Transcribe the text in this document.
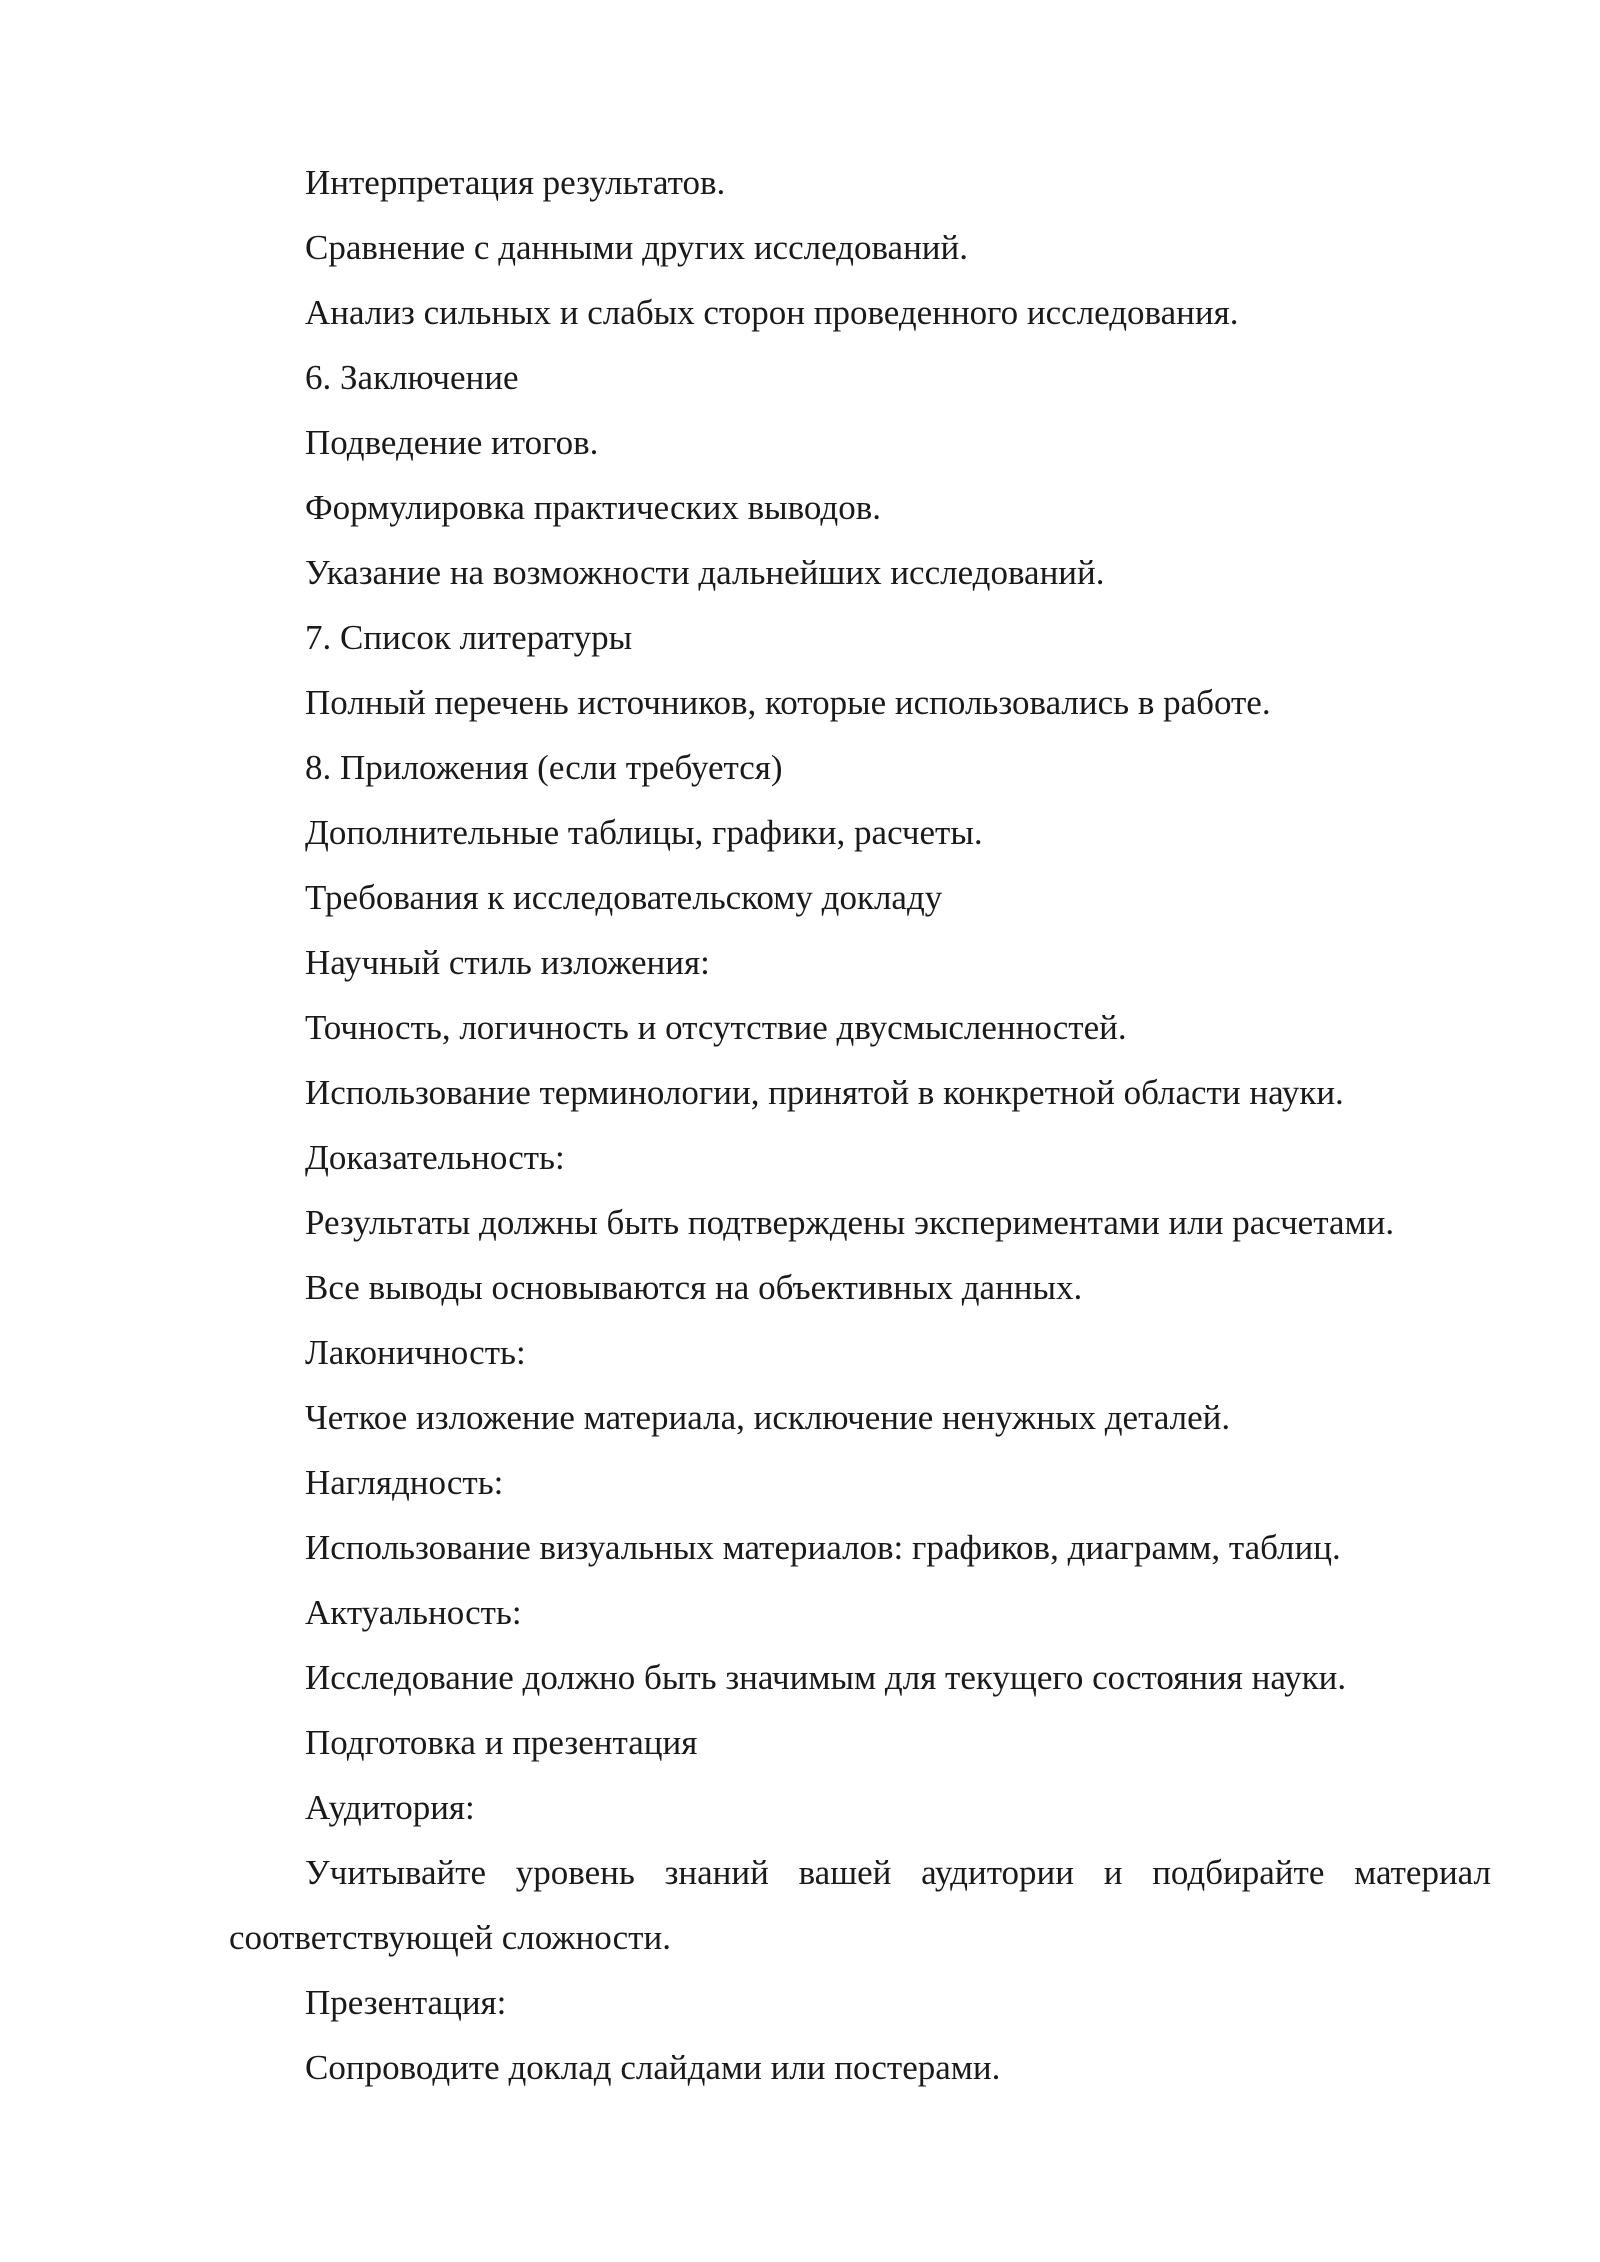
Интерпретация результатов.

Сравнение с данными других исследований.

Анализ сильных и слабых сторон проведенного исследования.

6. Заключение

Подведение итогов.

Формулировка практических выводов.

Указание на возможности дальнейших исследований.

7. Список литературы

Полный перечень источников, которые использовались в работе.

8. Приложения (если требуется)

Дополнительные таблицы, графики, расчеты.

Требования к исследовательскому докладу

Научный стиль изложения:

Точность, логичность и отсутствие двусмысленностей.

Использование терминологии, принятой в конкретной области науки.

Доказательность:

Результаты должны быть подтверждены экспериментами или расчетами.

Все выводы основываются на объективных данных.

Лаконичность:

Четкое изложение материала, исключение ненужных деталей.

Наглядность:

Использование визуальных материалов: графиков, диаграмм, таблиц.

Актуальность:

Исследование должно быть значимым для текущего состояния науки.

Подготовка и презентация

Аудитория:

Учитывайте уровень знаний вашей аудитории и подбирайте материал соответствующей сложности.

Презентация:

Сопроводите доклад слайдами или постерами.
